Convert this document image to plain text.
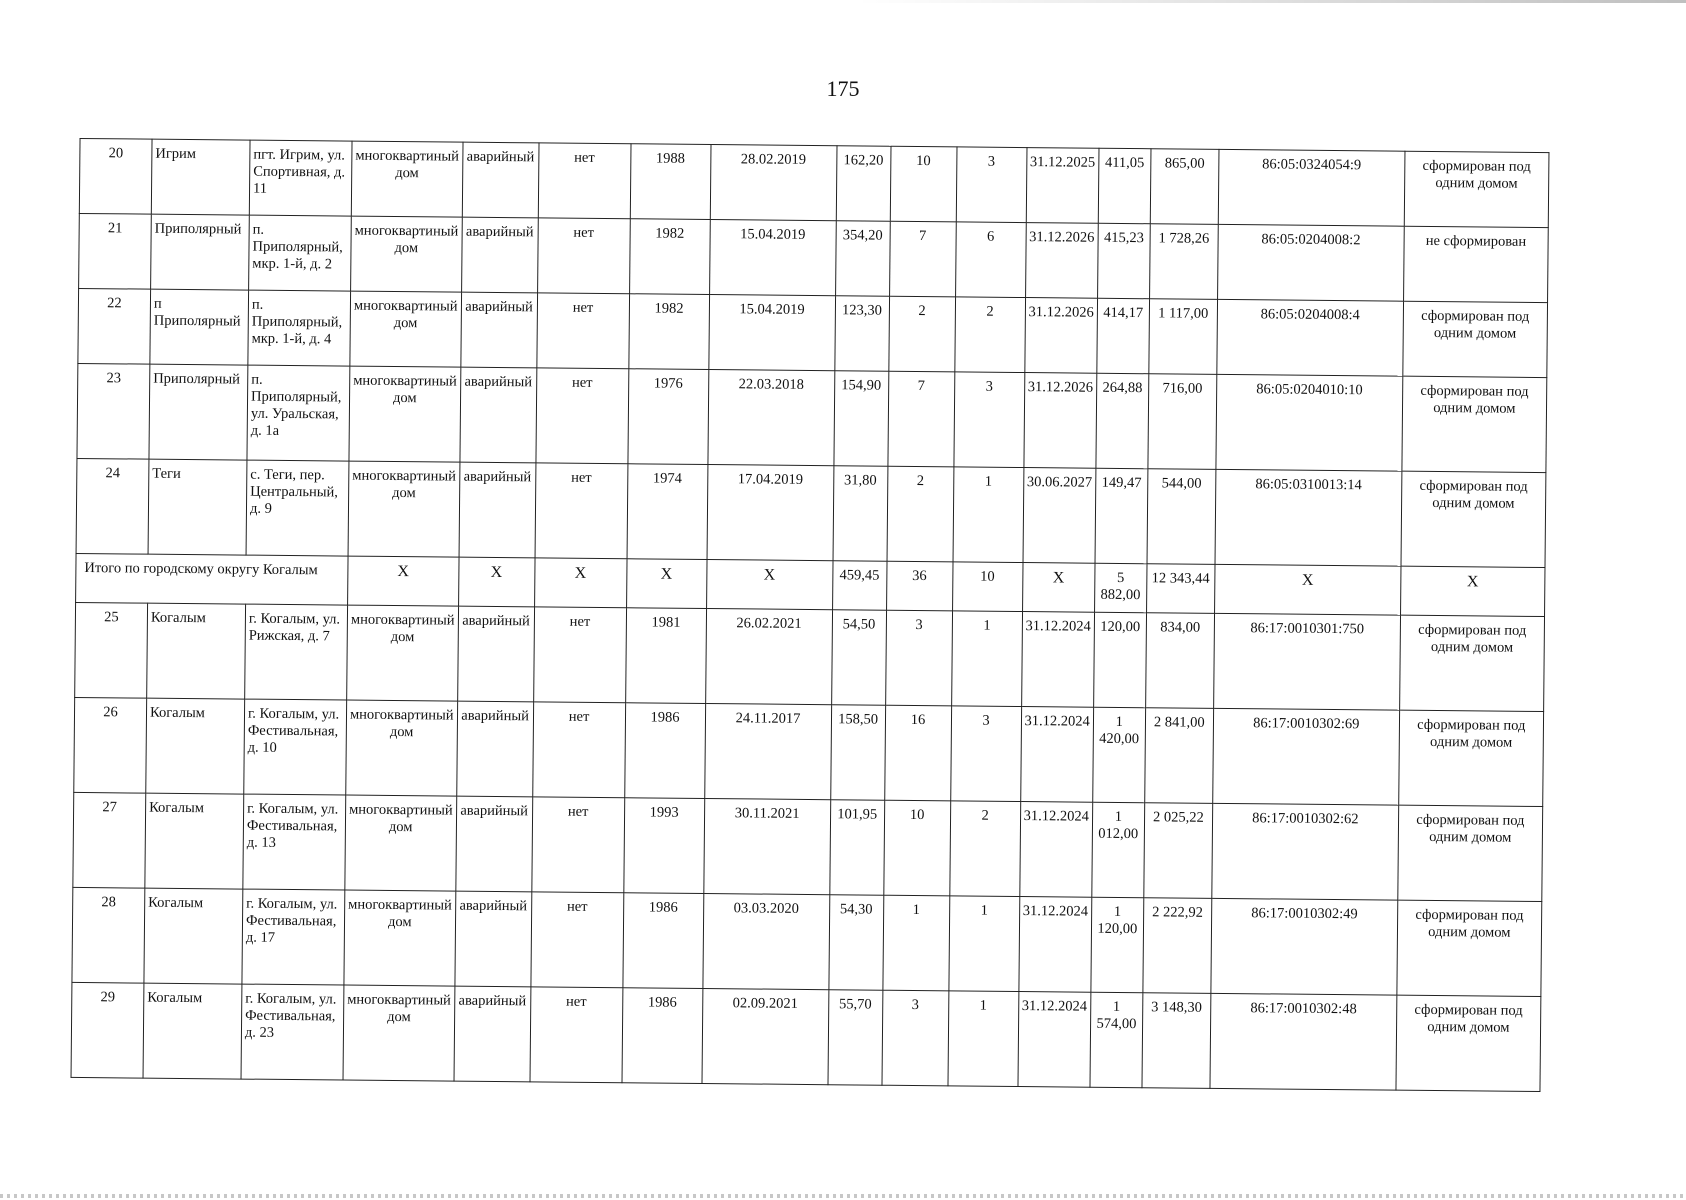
175
20	Игрим	пгт. Игрим, ул. Спортивная, д. 11	многоквартиный дом	аварийный	нет	1988	28.02.2019	162,20	10	3	31.12.2025	411,05	865,00	86:05:0324054:9	сформирован под одним домом
21	Приполярный	п. Приполярный, мкр. 1-й, д. 2	многоквартиный дом	аварийный	нет	1982	15.04.2019	354,20	7	6	31.12.2026	415,23	1 728,26	86:05:0204008:2	не сформирован
22	п Приполярный	п. Приполярный, мкр. 1-й, д. 4	многоквартиный дом	аварийный	нет	1982	15.04.2019	123,30	2	2	31.12.2026	414,17	1 117,00	86:05:0204008:4	сформирован под одним домом
23	Приполярный	п. Приполярный, ул. Уральская, д. 1а	многоквартиный дом	аварийный	нет	1976	22.03.2018	154,90	7	3	31.12.2026	264,88	716,00	86:05:0204010:10	сформирован под одним домом
24	Теги	с. Теги, пер. Центральный, д. 9	многоквартиный дом	аварийный	нет	1974	17.04.2019	31,80	2	1	30.06.2027	149,47	544,00	86:05:0310013:14	сформирован под одним домом
Итого по городскому округу Когалым			Х	Х	Х	Х	Х	459,45	36	10	Х	5 882,00	12 343,44	Х	Х
25	Когалым	г. Когалым, ул. Рижская, д. 7	многоквартиный дом	аварийный	нет	1981	26.02.2021	54,50	3	1	31.12.2024	120,00	834,00	86:17:0010301:750	сформирован под одним домом
26	Когалым	г. Когалым, ул. Фестивальная, д. 10	многоквартиный дом	аварийный	нет	1986	24.11.2017	158,50	16	3	31.12.2024	1 420,00	2 841,00	86:17:0010302:69	сформирован под одним домом
27	Когалым	г. Когалым, ул. Фестивальная, д. 13	многоквартиный дом	аварийный	нет	1993	30.11.2021	101,95	10	2	31.12.2024	1 012,00	2 025,22	86:17:0010302:62	сформирован под одним домом
28	Когалым	г. Когалым, ул. Фестивальная, д. 17	многоквартиный дом	аварийный	нет	1986	03.03.2020	54,30	1	1	31.12.2024	1 120,00	2 222,92	86:17:0010302:49	сформирован под одним домом
29	Когалым	г. Когалым, ул. Фестивальная, д. 23	многоквартиный дом	аварийный	нет	1986	02.09.2021	55,70	3	1	31.12.2024	1 574,00	3 148,30	86:17:0010302:48	сформирован под одним домом
